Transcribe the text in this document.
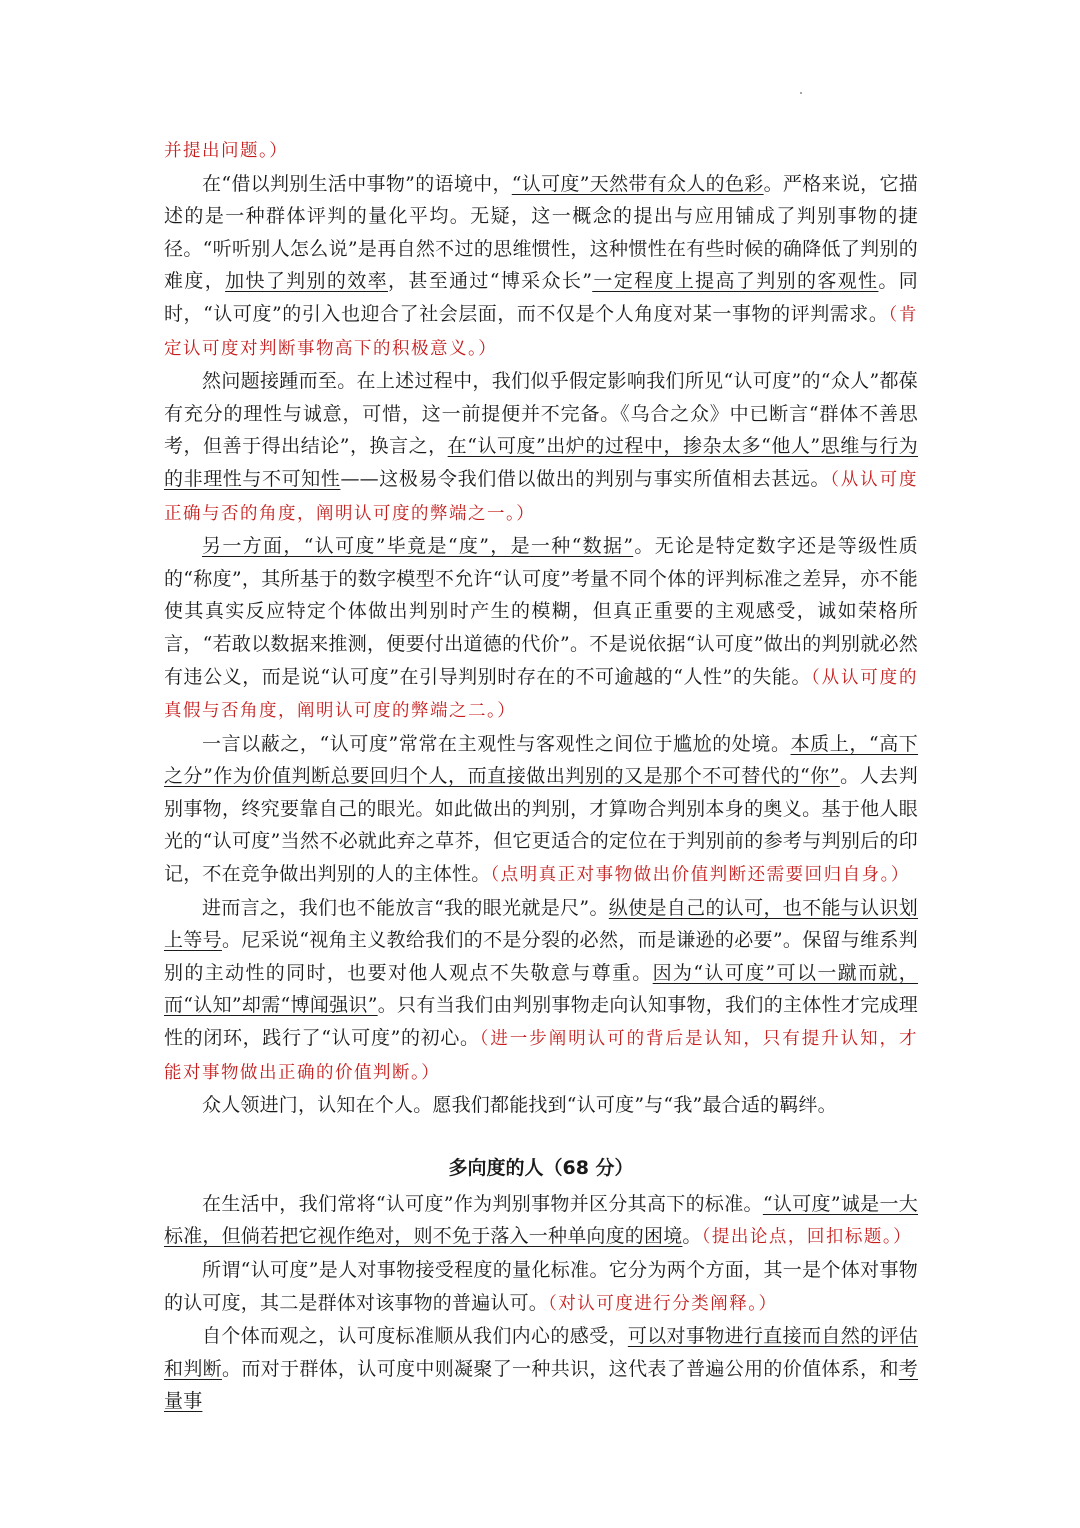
并提出问题。）

在“借以判别生活中事物”的语境中，“认可度”天然带有众人的色彩。严格来说，它描述的是一种群体评判的量化平均。无疑，这一概念的提出与应用铺成了判别事物的捷径。“听听别人怎么说”是再自然不过的思维惯性，这种惯性在有些时候的确降低了判别的难度，加快了判别的效率，甚至通过“博采众长”一定程度上提高了判别的客观性。同时，“认可度”的引入也迎合了社会层面，而不仅是个人角度对某一事物的评判需求。（肯定认可度对判断事物高下的积极意义。）

然问题接踵而至。在上述过程中，我们似乎假定影响我们所见“认可度”的“众人”都葆有充分的理性与诚意，可惜，这一前提便并不完备。《乌合之众》中已断言“群体不善思考，但善于得出结论”，换言之，在“认可度”出炉的过程中，掺杂太多“他人”思维与行为的非理性与不可知性——这极易令我们借以做出的判别与事实所值相去甚远。（从认可度正确与否的角度，阐明认可度的弊端之一。）

另一方面，“认可度”毕竟是“度”，是一种“数据”。无论是特定数字还是等级性质的“称度”，其所基于的数字模型不允许“认可度”考量不同个体的评判标准之差异，亦不能使其真实反应特定个体做出判别时产生的模糊，但真正重要的主观感受，诚如荣格所言，“若敢以数据来推测，便要付出道德的代价”。不是说依据“认可度”做出的判别就必然有违公义，而是说“认可度”在引导判别时存在的不可逾越的“人性”的失能。（从认可度的真假与否角度，阐明认可度的弊端之二。）

一言以蔽之，“认可度”常常在主观性与客观性之间位于尴尬的处境。本质上，“高下之分”作为价值判断总要回归个人，而直接做出判别的又是那个不可替代的“你”。人去判别事物，终究要靠自己的眼光。如此做出的判别，才算吻合判别本身的奥义。基于他人眼光的“认可度”当然不必就此弃之草芥，但它更适合的定位在于判别前的参考与判别后的印记，不在竞争做出判别的人的主体性。（点明真正对事物做出价值判断还需要回归自身。）

进而言之，我们也不能放言“我的眼光就是尺”。纵使是自己的认可，也不能与认识划上等号。尼采说“视角主义教给我们的不是分裂的必然，而是谦逊的必要”。保留与维系判别的主动性的同时，也要对他人观点不失敬意与尊重。因为“认可度”可以一蹴而就，而“认知”却需“博闻强识”。只有当我们由判别事物走向认知事物，我们的主体性才完成理性的闭环，践行了“认可度”的初心。（进一步阐明认可的背后是认知，只有提升认知，才能对事物做出正确的价值判断。）

众人领进门，认知在个人。愿我们都能找到“认可度”与“我”最合适的羁绊。

多向度的人（68 分）

在生活中，我们常将“认可度”作为判别事物并区分其高下的标准。“认可度”诚是一大标准，但倘若把它视作绝对，则不免于落入一种单向度的困境。（提出论点，回扣标题。）

所谓“认可度”是人对事物接受程度的量化标准。它分为两个方面，其一是个体对事物的认可度，其二是群体对该事物的普遍认可。（对认可度进行分类阐释。）

自个体而观之，认可度标准顺从我们内心的感受，可以对事物进行直接而自然的评估和判断。而对于群体，认可度中则凝聚了一种共识，这代表了普遍公用的价值体系，和考量事
